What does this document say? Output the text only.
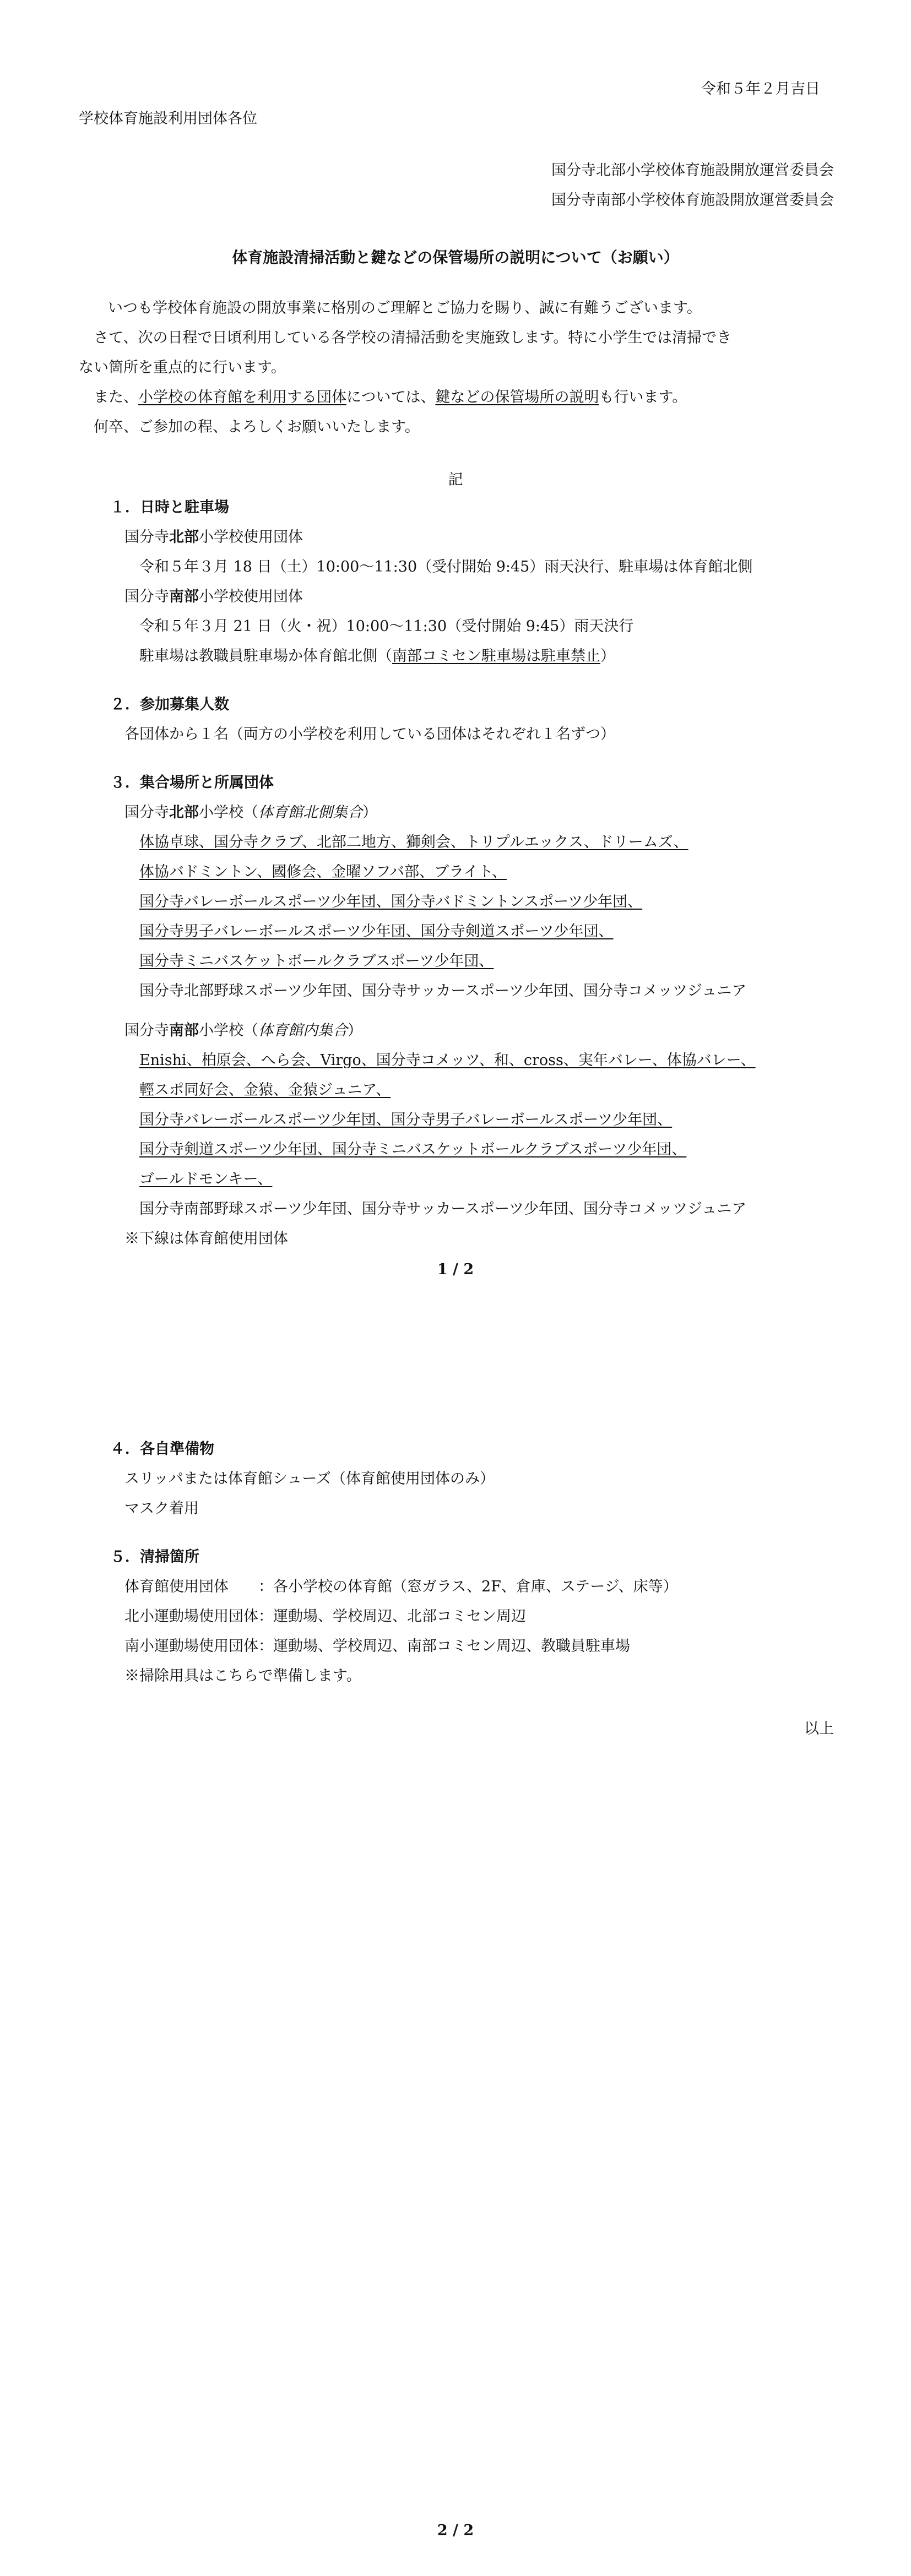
令和５年２月吉日
学校体育施設利用団体各位
国分寺北部小学校体育施設開放運営委員会
国分寺南部小学校体育施設開放運営委員会
体育施設清掃活動と鍵などの保管場所の説明について（お願い）
いつも学校体育施設の開放事業に格別のご理解とご協力を賜り、誠に有難うございます。
さて、次の日程で日頃利用している各学校の清掃活動を実施致します。特に小学生では清掃でき
ない箇所を重点的に行います。
また、小学校の体育館を利用する団体については、鍵などの保管場所の説明も行います。
何卒、ご参加の程、よろしくお願いいたします。
記
１．日時と駐車場
国分寺北部小学校使用団体
令和５年３月 18 日（土）10:00～11:30（受付開始 9:45）雨天決行、駐車場は体育館北側
国分寺南部小学校使用団体
令和５年３月 21 日（火・祝）10:00～11:30（受付開始 9:45）雨天決行
駐車場は教職員駐車場か体育館北側（南部コミセン駐車場は駐車禁止）
２．参加募集人数
各団体から１名（両方の小学校を利用している団体はそれぞれ１名ずつ）
３．集合場所と所属団体
国分寺北部小学校（体育館北側集合）
体協卓球、国分寺クラブ、北部二地方、獅剣会、トリプルエックス、ドリームズ、
体協バドミントン、國修会、金曜ソフバ部、ブライト、
国分寺バレーボールスポーツ少年団、国分寺バドミントンスポーツ少年団、
国分寺男子バレーボールスポーツ少年団、国分寺剣道スポーツ少年団、
国分寺ミニバスケットボールクラブスポーツ少年団、
国分寺北部野球スポーツ少年団、国分寺サッカースポーツ少年団、国分寺コメッツジュニア
国分寺南部小学校（体育館内集合）
Enishi、柏原会、へら会、Virgo、国分寺コメッツ、和、cross、実年バレー、体協バレー、
輕スポ同好会、金猿、金猿ジュニア、
国分寺バレーボールスポーツ少年団、国分寺男子バレーボールスポーツ少年団、
国分寺剣道スポーツ少年団、国分寺ミニバスケットボールクラブスポーツ少年団、
ゴールドモンキー、
国分寺南部野球スポーツ少年団、国分寺サッカースポーツ少年団、国分寺コメッツジュニア
※下線は体育館使用団体
1 / 2
４．各自準備物
スリッパまたは体育館シューズ（体育館使用団体のみ）
マスク着用
５．清掃箇所
体育館使用団体　　：各小学校の体育館（窓ガラス、2F、倉庫、ステージ、床等）
北小運動場使用団体：運動場、学校周辺、北部コミセン周辺
南小運動場使用団体：運動場、学校周辺、南部コミセン周辺、教職員駐車場
※掃除用具はこちらで準備します。
以上
2 / 2
